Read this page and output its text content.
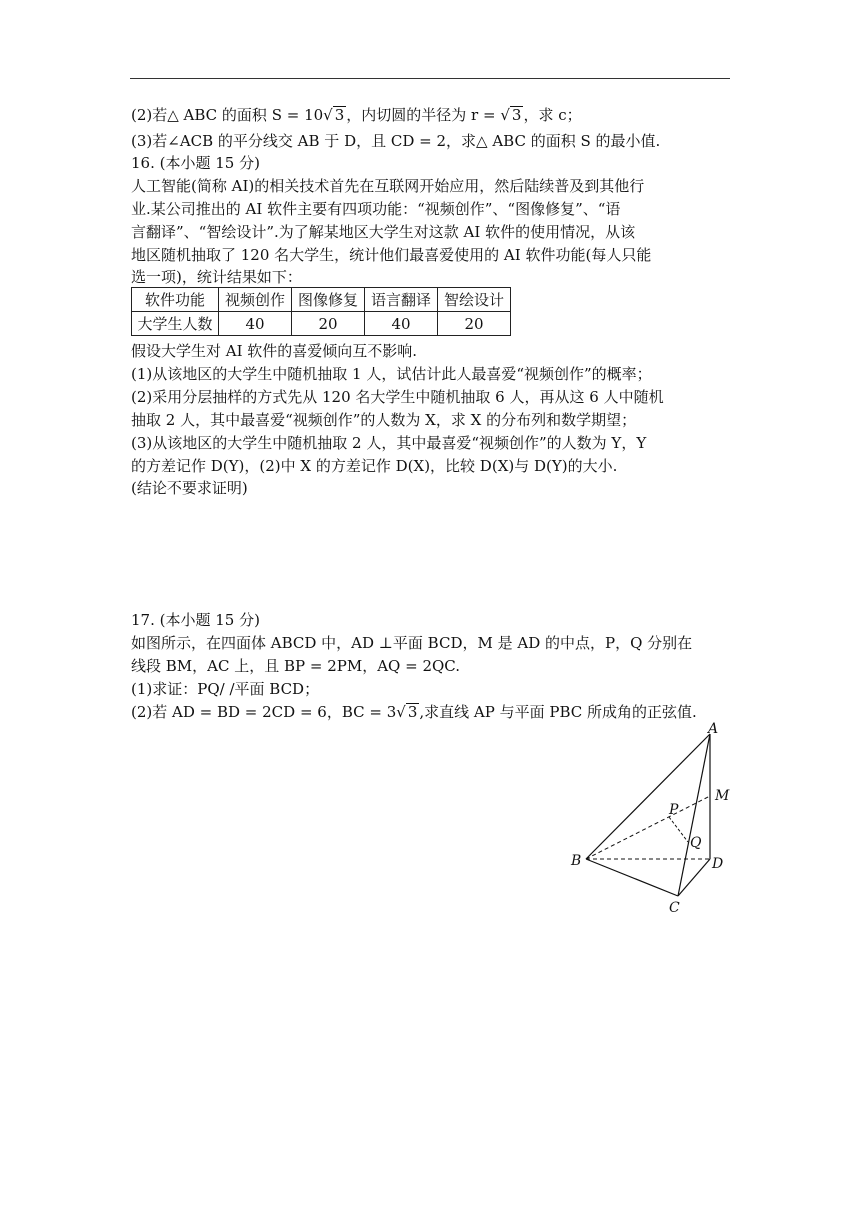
(2)若△ ABC 的面积 S = 10√ 3 ，内切圆的半径为 r = √ 3 ，求 c；
(3)若∠ACB 的平分线交 AB 于 D，且 CD = 2，求△ ABC 的面积 S 的最小值.
16. (本小题 15 分)
人工智能(简称 AI)的相关技术首先在互联网开始应用，然后陆续普及到其他行
业.某公司推出的 AI 软件主要有四项功能：“视频创作”、“图像修复”、“语
言翻译”、“智绘设计”.为了解某地区大学生对这款 AI 软件的使用情况，从该
地区随机抽取了 120 名大学生，统计他们最喜爱使用的 AI 软件功能(每人只能
选一项)，统计结果如下：
软件功能	视频创作	图像修复	语言翻译	智绘设计
大学生人数	40	20	40	20
假设大学生对 AI 软件的喜爱倾向互不影响.
(1)从该地区的大学生中随机抽取 1 人，试估计此人最喜爱“视频创作”的概率；
(2)采用分层抽样的方式先从 120 名大学生中随机抽取 6 人，再从这 6 人中随机
抽取 2 人，其中最喜爱“视频创作”的人数为 X，求 X 的分布列和数学期望；
(3)从该地区的大学生中随机抽取 2 人，其中最喜爱“视频创作”的人数为 Y，Y
的方差记作 D(Y)，(2)中 X 的方差记作 D(X)，比较 D(X)与 D(Y)的大小.
(结论不要求证明)
17. (本小题 15 分)
如图所示，在四面体 ABCD 中，AD ⊥平面 BCD，M 是 AD 的中点，P，Q 分别在
线段 BM，AC 上，且 BP = 2PM，AQ = 2QC.
(1)求证：PQ/ /平面 BCD；
(2)若 AD = BD = 2CD = 6，BC = 3√ 3 ,求直线 AP 与平面 PBC 所成角的正弦值.
A
M
P
Q
B	D
C
